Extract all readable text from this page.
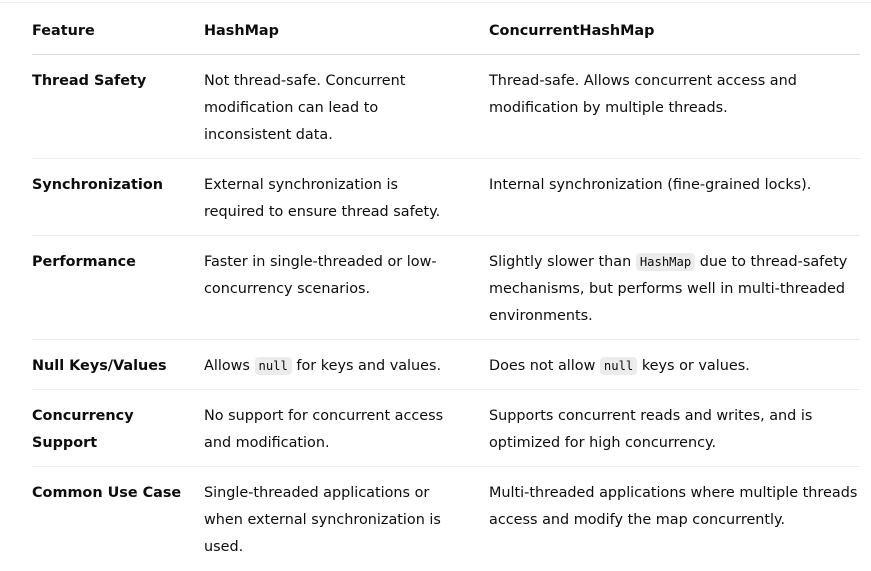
Feature	HashMap	ConcurrentHashMap
Thread Safety	Not thread-safe. Concurrent modification can lead to inconsistent data.	Thread-safe. Allows concurrent access and modification by multiple threads.
Synchronization	External synchronization is required to ensure thread safety.	Internal synchronization (fine-grained locks).
Performance	Faster in single-threaded or low-concurrency scenarios.	Slightly slower than HashMap due to thread-safety mechanisms, but performs well in multi-threaded environments.
Null Keys/Values	Allows null for keys and values.	Does not allow null keys or values.
Concurrency Support	No support for concurrent access and modification.	Supports concurrent reads and writes, and is optimized for high concurrency.
Common Use Case	Single-threaded applications or when external synchronization is used.	Multi-threaded applications where multiple threads access and modify the map concurrently.
